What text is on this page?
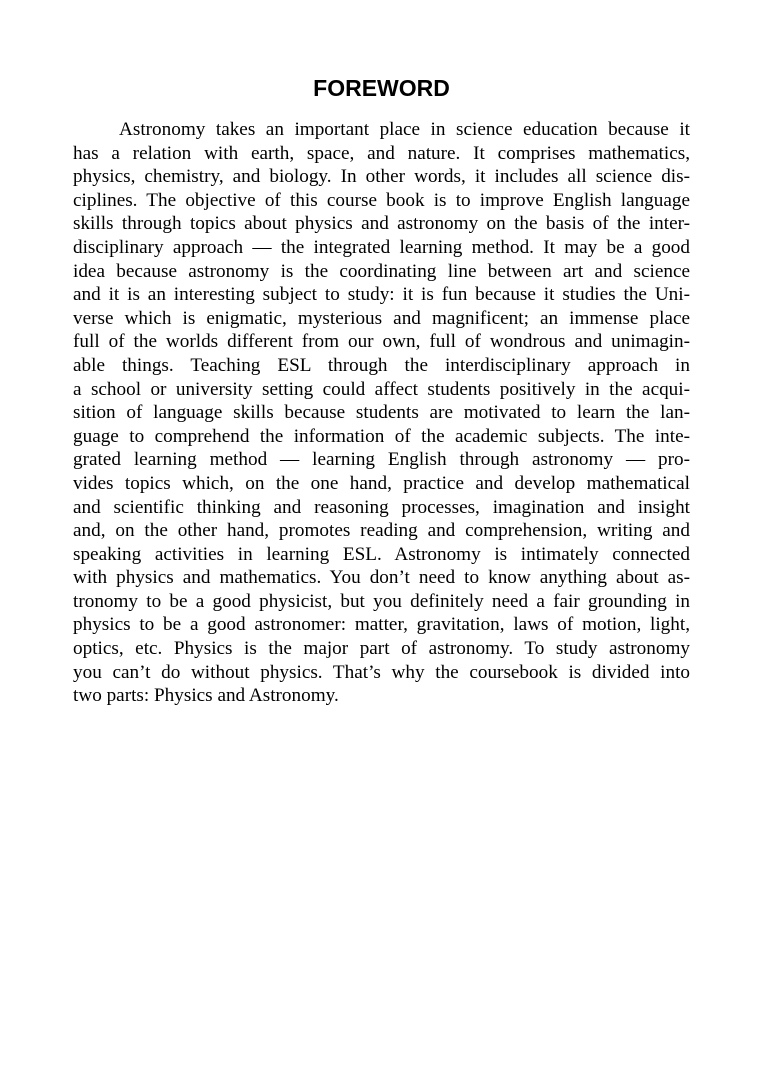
FOREWORD
Astronomy takes an important place in science education because it
has a relation with earth, space, and nature. It comprises mathematics,
physics, chemistry, and biology. In other words, it includes all science dis-
ciplines. The objective of this course book is to improve English language
skills through topics about physics and astronomy on the basis of the inter-
disciplinary approach — the integrated learning method. It may be a good
idea because astronomy is the coordinating line between art and science
and it is an interesting subject to study: it is fun because it studies the Uni-
verse which is enigmatic, mysterious and magnificent; an immense place
full of the worlds different from our own, full of wondrous and unimagin-
able things. Teaching ESL through the interdisciplinary approach in
a school or university setting could affect students positively in the acqui-
sition of language skills because students are motivated to learn the lan-
guage to comprehend the information of the academic subjects. The inte-
grated learning method — learning English through astronomy — pro-
vides topics which, on the one hand, practice and develop mathematical
and scientific thinking and reasoning processes, imagination and insight
and, on the other hand, promotes reading and comprehension, writing and
speaking activities in learning ESL. Astronomy is intimately connected
with physics and mathematics. You don’t need to know anything about as-
tronomy to be a good physicist, but you definitely need a fair grounding in
physics to be a good astronomer: matter, gravitation, laws of motion, light,
optics, etc. Physics is the major part of astronomy. To study astronomy
you can’t do without physics. That’s why the coursebook is divided into
two parts: Physics and Astronomy.
